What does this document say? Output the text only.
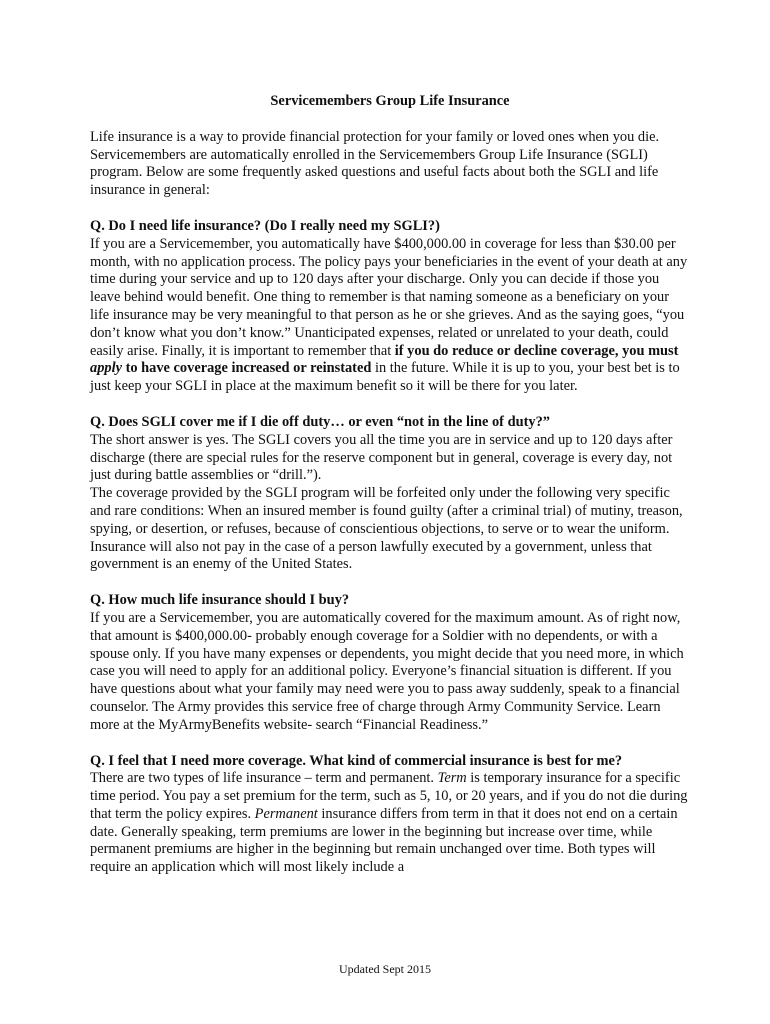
Servicemembers Group Life Insurance

Life insurance is a way to provide financial protection for your family or loved ones when you die. Servicemembers are automatically enrolled in the Servicemembers Group Life Insurance (SGLI) program. Below are some frequently asked questions and useful facts about both the SGLI and life insurance in general:

Q. Do I need life insurance? (Do I really need my SGLI?)
If you are a Servicemember, you automatically have $400,000.00 in coverage for less than $30.00 per month, with no application process. The policy pays your beneficiaries in the event of your death at any time during your service and up to 120 days after your discharge. Only you can decide if those you leave behind would benefit. One thing to remember is that naming someone as a beneficiary on your life insurance may be very meaningful to that person as he or she grieves. And as the saying goes, “you don’t know what you don’t know.” Unanticipated expenses, related or unrelated to your death, could easily arise. Finally, it is important to remember that if you do reduce or decline coverage, you must apply to have coverage increased or reinstated in the future. While it is up to you, your best bet is to just keep your SGLI in place at the maximum benefit so it will be there for you later.

Q. Does SGLI cover me if I die off duty… or even “not in the line of duty?”
The short answer is yes. The SGLI covers you all the time you are in service and up to 120 days after discharge (there are special rules for the reserve component but in general, coverage is every day, not just during battle assemblies or “drill.”).
The coverage provided by the SGLI program will be forfeited only under the following very specific and rare conditions: When an insured member is found guilty (after a criminal trial) of mutiny, treason, spying, or desertion, or refuses, because of conscientious objections, to serve or to wear the uniform. Insurance will also not pay in the case of a person lawfully executed by a government, unless that government is an enemy of the United States.

Q. How much life insurance should I buy?
If you are a Servicemember, you are automatically covered for the maximum amount. As of right now, that amount is $400,000.00- probably enough coverage for a Soldier with no dependents, or with a spouse only. If you have many expenses or dependents, you might decide that you need more, in which case you will need to apply for an additional policy. Everyone’s financial situation is different. If you have questions about what your family may need were you to pass away suddenly, speak to a financial counselor. The Army provides this service free of charge through Army Community Service. Learn more at the MyArmyBenefits website- search “Financial Readiness.”

Q. I feel that I need more coverage. What kind of commercial insurance is best for me?
There are two types of life insurance – term and permanent. Term is temporary insurance for a specific time period. You pay a set premium for the term, such as 5, 10, or 20 years, and if you do not die during that term the policy expires. Permanent insurance differs from term in that it does not end on a certain date. Generally speaking, term premiums are lower in the beginning but increase over time, while permanent premiums are higher in the beginning but remain unchanged over time. Both types will require an application which will most likely include a

Updated Sept 2015
